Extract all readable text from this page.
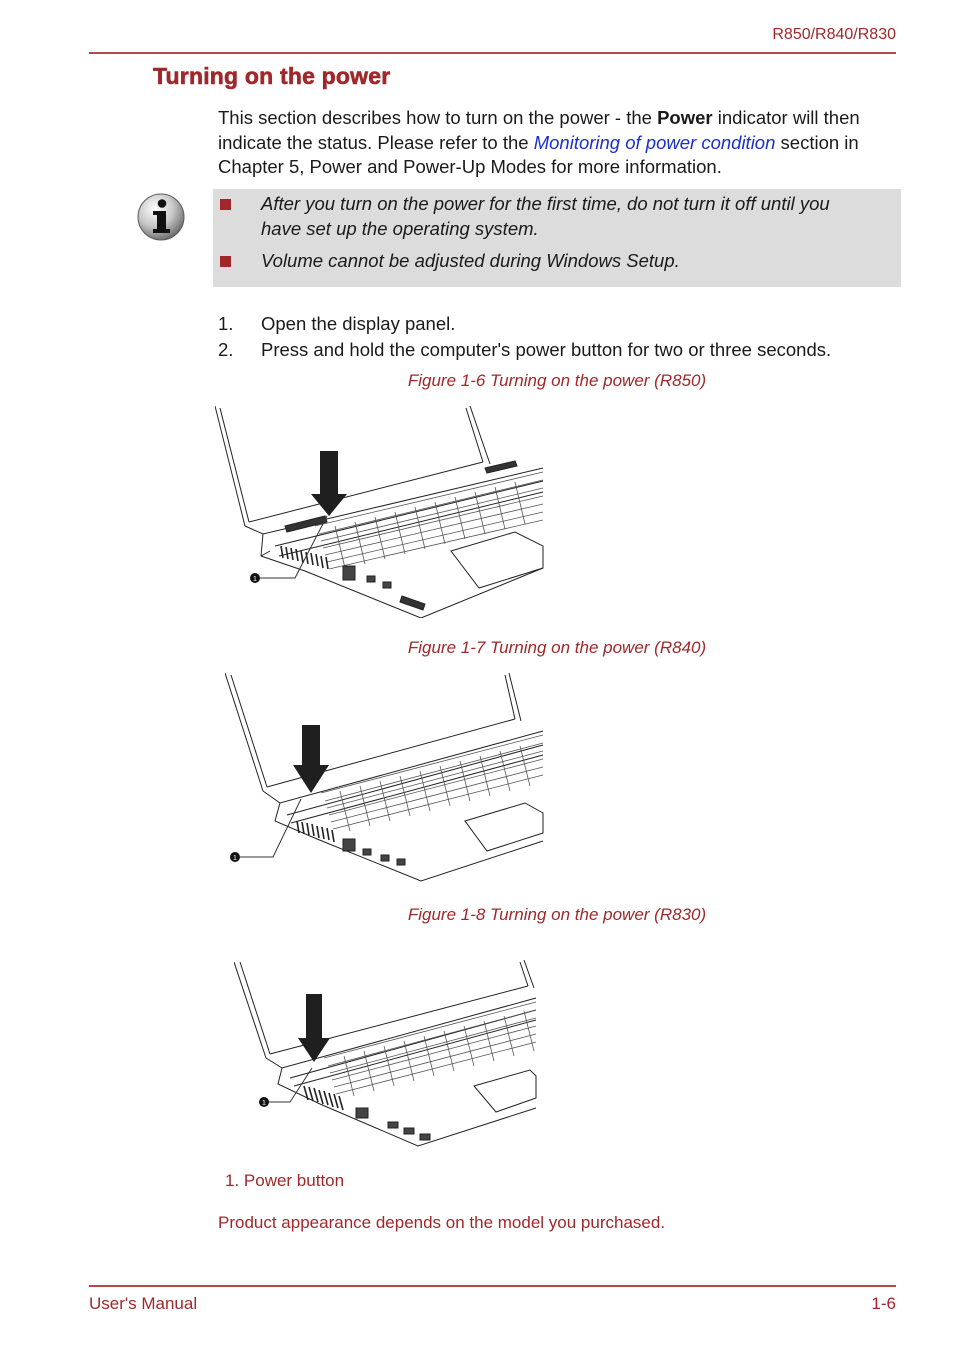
R850/R840/R830
Turning on the power
This section describes how to turn on the power - the Power indicator will then indicate the status. Please refer to the Monitoring of power condition section in Chapter 5, Power and Power-Up Modes for more information.
After you turn on the power for the first time, do not turn it off until you
have set up the operating system.
Volume cannot be adjusted during Windows Setup.
1. Open the display panel.
2. Press and hold the computer's power button for two or three seconds.
Figure 1-6 Turning on the power (R850)
1
Figure 1-7 Turning on the power (R840)
1
Figure 1-8 Turning on the power (R830)
1
1. Power button
Product appearance depends on the model you purchased.
User's Manual	1-6
